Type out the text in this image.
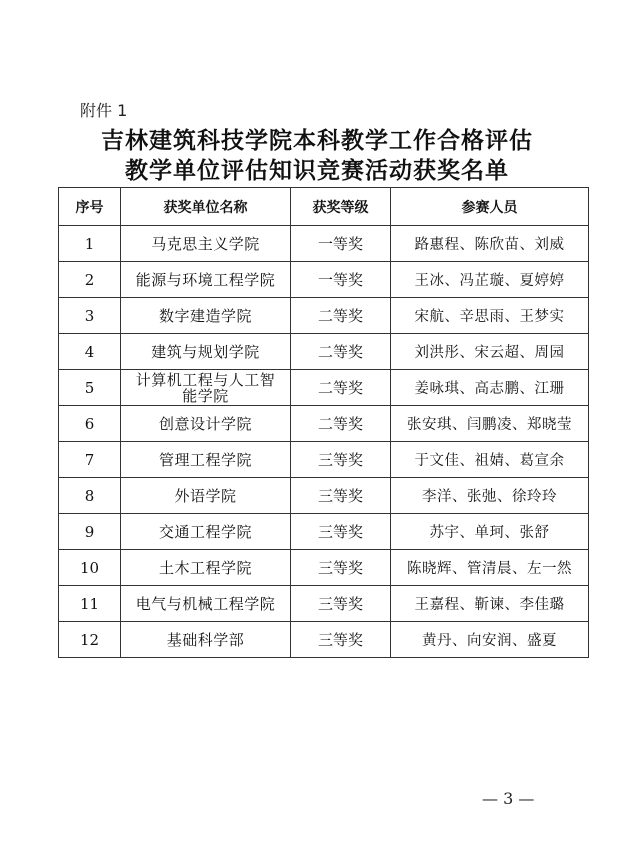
附件 1
吉林建筑科技学院本科教学工作合格评估
教学单位评估知识竞赛活动获奖名单
序号	获奖单位名称	获奖等级	参赛人员
1	马克思主义学院	一等奖	路惠程、陈欣苗、刘威
2	能源与环境工程学院	一等奖	王冰、冯芷璇、夏婷婷
3	数字建造学院	二等奖	宋航、辛思雨、王梦实
4	建筑与规划学院	二等奖	刘洪彤、宋云超、周园
5	计算机工程与人工智能学院	二等奖	姜咏琪、高志鹏、江珊
6	创意设计学院	二等奖	张安琪、闫鹏凌、郑晓莹
7	管理工程学院	三等奖	于文佳、祖婧、葛宣余
8	外语学院	三等奖	李洋、张弛、徐玲玲
9	交通工程学院	三等奖	苏宇、单珂、张舒
10	土木工程学院	三等奖	陈晓辉、管清晨、左一然
11	电气与机械工程学院	三等奖	王嘉程、靳谏、李佳璐
12	基础科学部	三等奖	黄丹、向安润、盛夏
— 3 —
